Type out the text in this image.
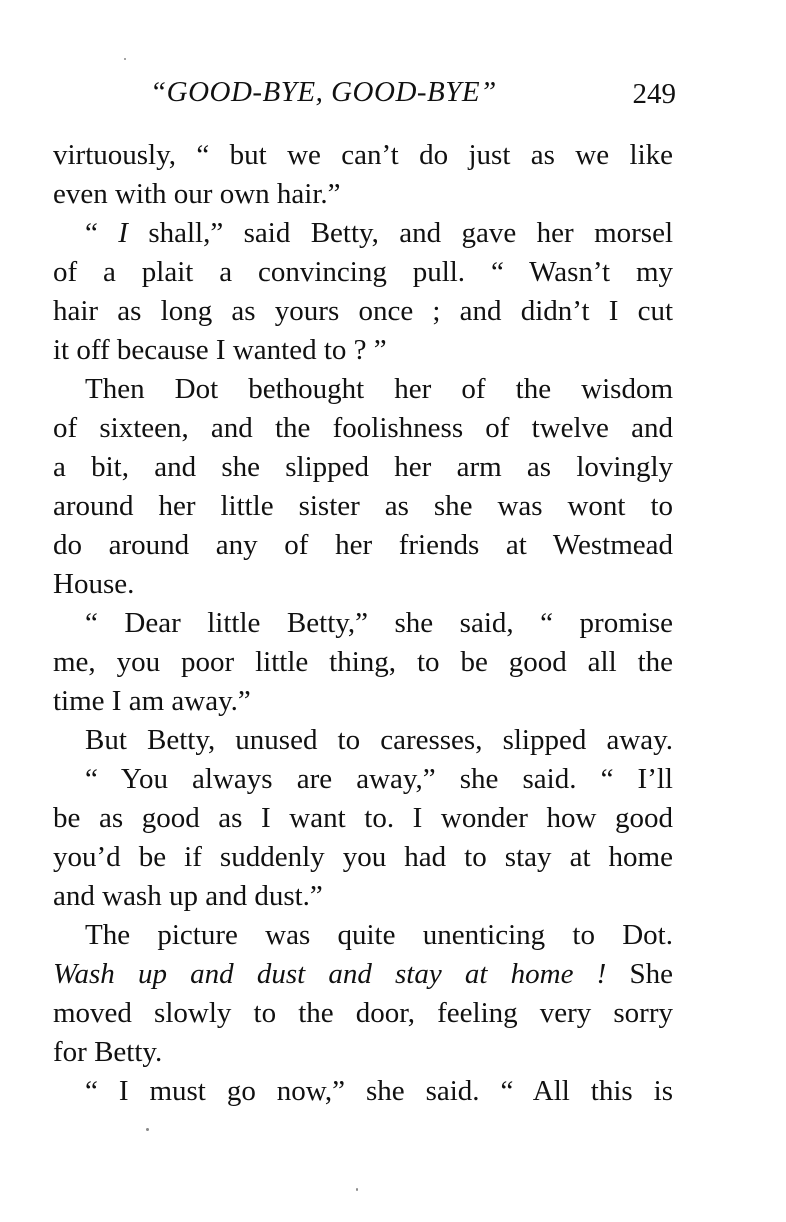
“GOOD-BYE, GOOD-BYE”	249
virtuously, “ but we can’t do just as we like
even with our own hair.”
“ I shall,” said Betty, and gave her morsel
of a plait a convincing pull. “ Wasn’t my
hair as long as yours once ; and didn’t I cut
it off because I wanted to ? ”
Then Dot bethought her of the wisdom
of sixteen, and the foolishness of twelve and
a bit, and she slipped her arm as lovingly
around her little sister as she was wont to
do around any of her friends at Westmead
House.
“ Dear little Betty,” she said, “ promise
me, you poor little thing, to be good all the
time I am away.”
But Betty, unused to caresses, slipped away.
“ You always are away,” she said. “ I’ll
be as good as I want to. I wonder how good
you’d be if suddenly you had to stay at home
and wash up and dust.”
The picture was quite unenticing to Dot.
Wash up and dust and stay at home ! She
moved slowly to the door, feeling very sorry
for Betty.
“ I must go now,” she said. “ All this is
